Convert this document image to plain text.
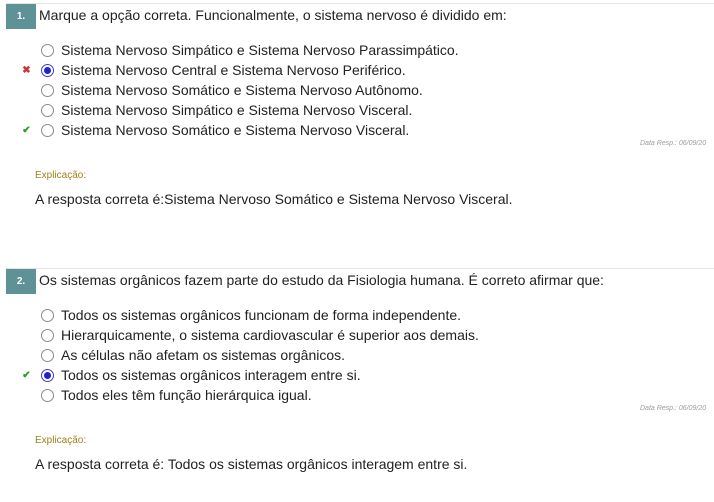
1. Marque a opção correta. Funcionalmente, o sistema nervoso é dividido em:
Sistema Nervoso Simpático e Sistema Nervoso Parassimpático.
✖ Sistema Nervoso Central e Sistema Nervoso Periférico.
Sistema Nervoso Somático e Sistema Nervoso Autônomo.
Sistema Nervoso Simpático e Sistema Nervoso Visceral.
✔ Sistema Nervoso Somático e Sistema Nervoso Visceral.
Data Resp.: 06/09/20
Explicação:
A resposta correta é:Sistema Nervoso Somático e Sistema Nervoso Visceral.
2. Os sistemas orgânicos fazem parte do estudo da Fisiologia humana. É correto afirmar que:
Todos os sistemas orgânicos funcionam de forma independente.
Hierarquicamente, o sistema cardiovascular é superior aos demais.
As células não afetam os sistemas orgânicos.
✔ Todos os sistemas orgânicos interagem entre si.
Todos eles têm função hierárquica igual.
Data Resp.: 06/09/20
Explicação:
A resposta correta é: Todos os sistemas orgânicos interagem entre si.
